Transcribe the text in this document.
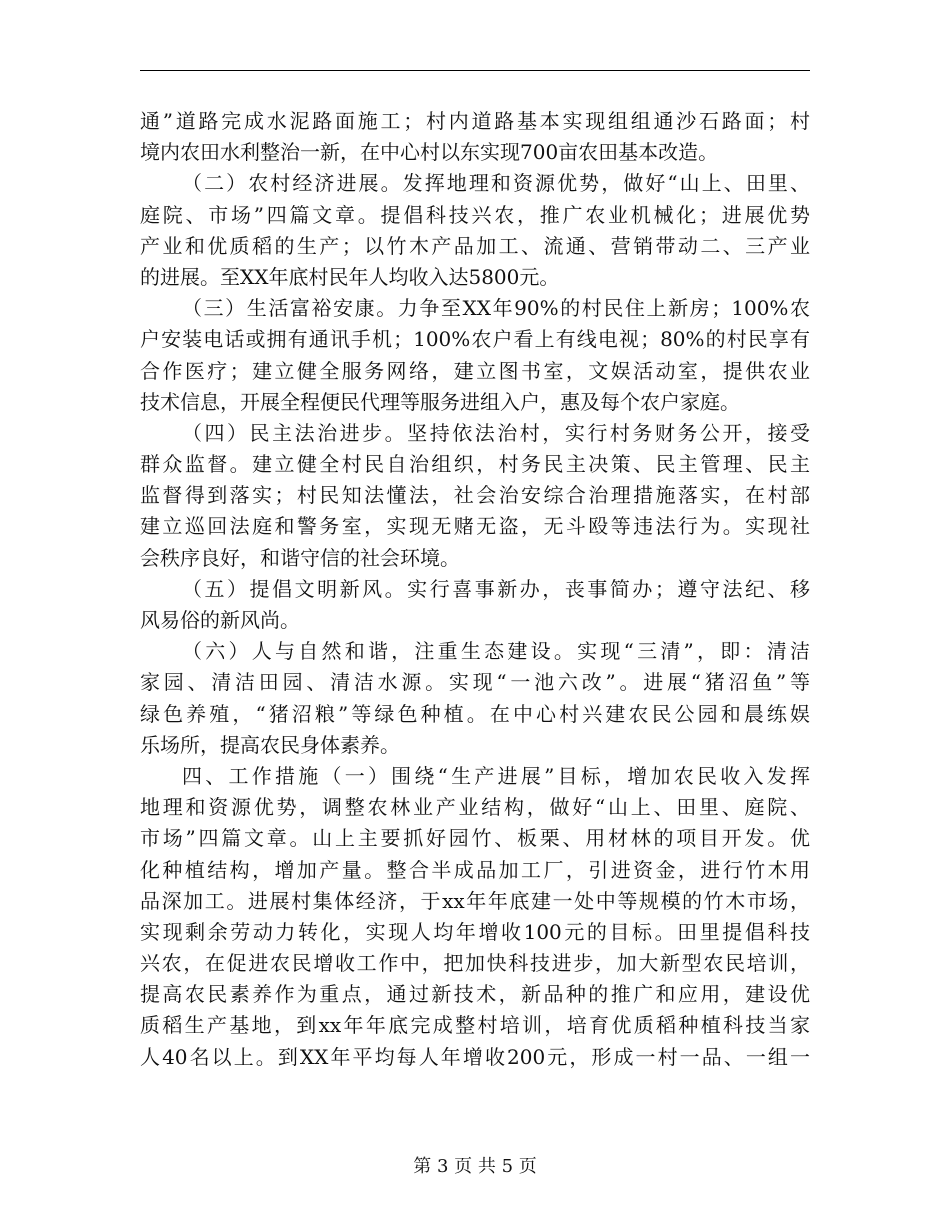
通”道路完成水泥路面施工；村内道路基本实现组组通沙石路面；村
境内农田水利整治一新，在中心村以东实现700亩农田基本改造。
（二）农村经济进展。发挥地理和资源优势，做好“山上、田里、
庭院、市场”四篇文章。提倡科技兴农，推广农业机械化；进展优势
产业和优质稻的生产；以竹木产品加工、流通、营销带动二、三产业
的进展。至XX年底村民年人均收入达5800元。
（三）生活富裕安康。力争至XX年90%的村民住上新房；100%农
户安装电话或拥有通讯手机；100%农户看上有线电视；80%的村民享有
合作医疗；建立健全服务网络，建立图书室，文娱活动室，提供农业
技术信息，开展全程便民代理等服务进组入户，惠及每个农户家庭。
（四）民主法治进步。坚持依法治村，实行村务财务公开，接受
群众监督。建立健全村民自治组织，村务民主决策、民主管理、民主
监督得到落实；村民知法懂法，社会治安综合治理措施落实，在村部
建立巡回法庭和警务室，实现无赌无盗，无斗殴等违法行为。实现社
会秩序良好，和谐守信的社会环境。
（五）提倡文明新风。实行喜事新办，丧事简办；遵守法纪、移
风易俗的新风尚。
（六）人与自然和谐，注重生态建设。实现“三清”，即：清洁
家园、清洁田园、清洁水源。实现“一池六改”。进展“猪沼鱼”等
绿色养殖，“猪沼粮”等绿色种植。在中心村兴建农民公园和晨练娱
乐场所，提高农民身体素养。
四、工作措施（一）围绕“生产进展”目标，增加农民收入发挥
地理和资源优势，调整农林业产业结构，做好“山上、田里、庭院、
市场”四篇文章。山上主要抓好园竹、板栗、用材林的项目开发。优
化种植结构，增加产量。整合半成品加工厂，引进资金，进行竹木用
品深加工。进展村集体经济，于xx年年底建一处中等规模的竹木市场，
实现剩余劳动力转化，实现人均年增收100元的目标。田里提倡科技
兴农，在促进农民增收工作中，把加快科技进步，加大新型农民培训，
提高农民素养作为重点，通过新技术，新品种的推广和应用，建设优
质稻生产基地，到xx年年底完成整村培训，培育优质稻种植科技当家
人40名以上。到XX年平均每人年增收200元，形成一村一品、一组一
第 3 页 共 5 页
